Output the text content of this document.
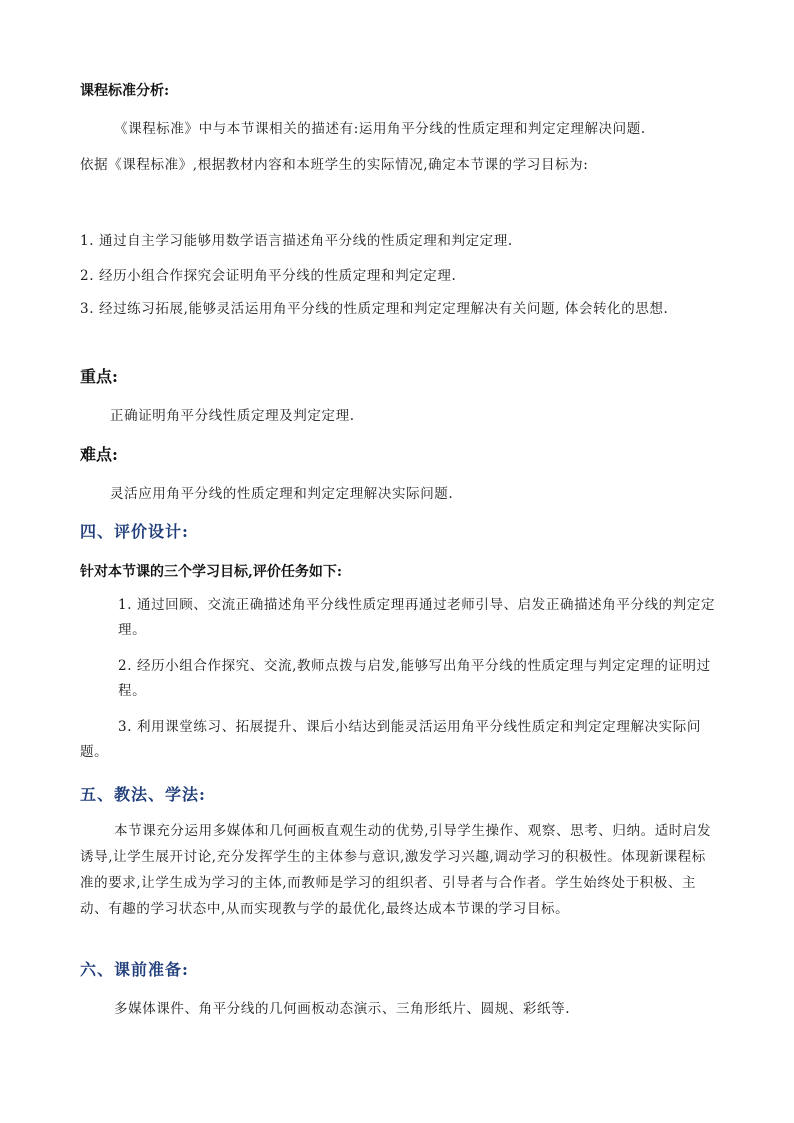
课程标准分析:
《课程标准》中与本节课相关的描述有:运用角平分线的性质定理和判定定理解决问题.
依据《课程标准》,根据教材内容和本班学生的实际情况,确定本节课的学习目标为:
1. 通过自主学习能够用数学语言描述角平分线的性质定理和判定定理.
2. 经历小组合作探究会证明角平分线的性质定理和判定定理.
3. 经过练习拓展,能够灵活运用角平分线的性质定理和判定定理解决有关问题, 体会转化的思想.
重点:
正确证明角平分线性质定理及判定定理.
难点:
灵活应用角平分线的性质定理和判定定理解决实际问题.
四、评价设计:
针对本节课的三个学习目标,评价任务如下:
1. 通过回顾、交流正确描述角平分线性质定理再通过老师引导、启发正确描述角平分线的判定定理。
2. 经历小组合作探究、交流,教师点拨与启发,能够写出角平分线的性质定理与判定定理的证明过程。
3. 利用课堂练习、拓展提升、课后小结达到能灵活运用角平分线性质定和判定定理解决实际问题。
五、教法、学法:
本节课充分运用多媒体和几何画板直观生动的优势,引导学生操作、观察、思考、归纳。适时启发诱导,让学生展开讨论,充分发挥学生的主体参与意识,激发学习兴趣,调动学习的积极性。体现新课程标准的要求,让学生成为学习的主体,而教师是学习的组织者、引导者与合作者。学生始终处于积极、主动、有趣的学习状态中,从而实现教与学的最优化,最终达成本节课的学习目标。
六、课前准备:
多媒体课件、角平分线的几何画板动态演示、三角形纸片、圆规、彩纸等.
